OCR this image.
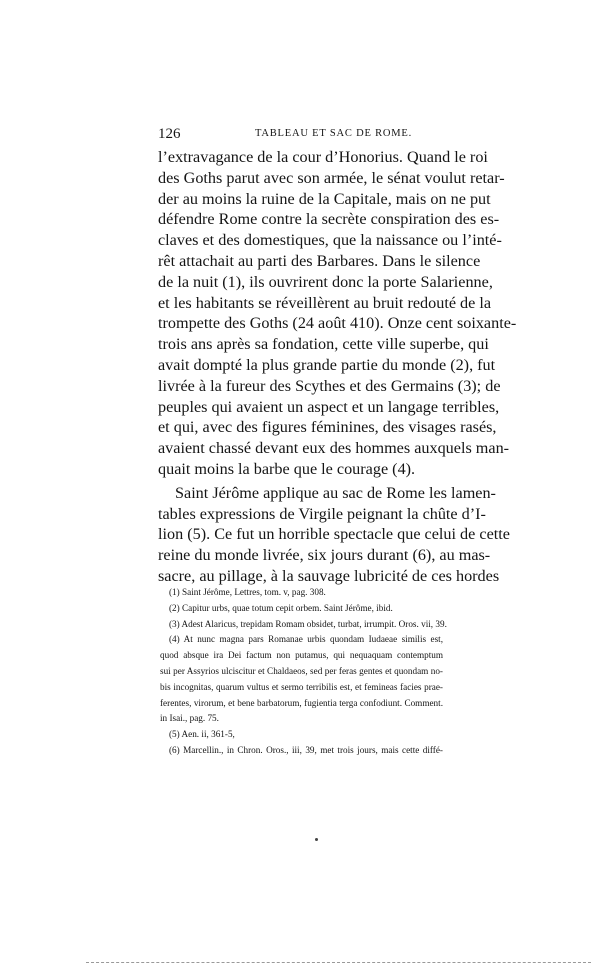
126	TABLEAU ET SAC DE ROME.
l’extravagance de la cour d’Honorius. Quand le roi
des Goths parut avec son armée, le sénat voulut retar-
der au moins la ruine de la Capitale, mais on ne put
défendre Rome contre la secrète conspiration des es-
claves et des domestiques, que la naissance ou l’inté-
rêt attachait au parti des Barbares. Dans le silence
de la nuit (1), ils ouvrirent donc la porte Salarienne,
et les habitants se réveillèrent au bruit redouté de la
trompette des Goths (24 août 410). Onze cent soixante-
trois ans après sa fondation, cette ville superbe, qui
avait dompté la plus grande partie du monde (2), fut
livrée à la fureur des Scythes et des Germains (3); de
peuples qui avaient un aspect et un langage terribles,
et qui, avec des figures féminines, des visages rasés,
avaient chassé devant eux des hommes auxquels man-
quait moins la barbe que le courage (4).
Saint Jérôme applique au sac de Rome les lamen-
tables expressions de Virgile peignant la chûte d’I-
lion (5). Ce fut un horrible spectacle que celui de cette
reine du monde livrée, six jours durant (6), au mas-
sacre, au pillage, à la sauvage lubricité de ces hordes
(1) Saint Jérôme, Lettres, tom. v, pag. 308.
(2) Capitur urbs, quae totum cepit orbem. Saint Jérôme, ibid.
(3) Adest Alaricus, trepidam Romam obsidet, turbat, irrumpit. Oros. vii, 39.
(4) At nunc magna pars Romanae urbis quondam Iudaeae similis est,
quod absque ira Dei factum non putamus, qui nequaquam contemptum
sui per Assyrios ulciscitur et Chaldaeos, sed per feras gentes et quondam no-
bis incognitas, quarum vultus et sermo terribilis est, et femineas facies prae-
ferentes, virorum, et bene barbatorum, fugientia terga confodiunt. Comment.
in Isai., pag. 75.
(5) Aen. ii, 361-5,
(6) Marcellin., in Chron. Oros., iii, 39, met trois jours, mais cette diffé-
